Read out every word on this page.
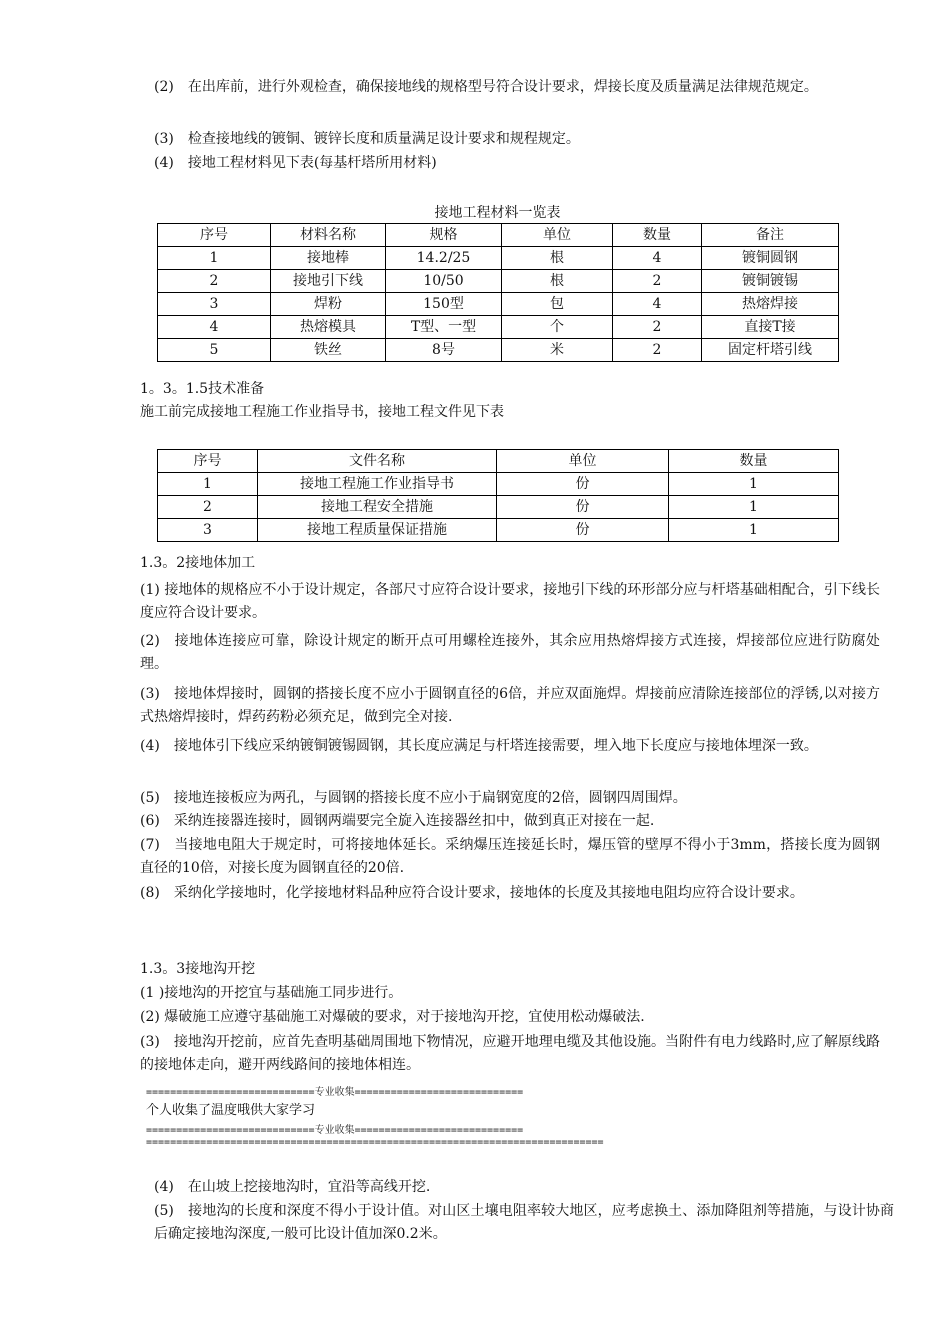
(2)　在出库前，进行外观检查，确保接地线的规格型号符合设计要求，焊接长度及质量满足法律规范规定。
(3)　检查接地线的镀铜、镀锌长度和质量满足设计要求和规程规定。
(4)　接地工程材料见下表(每基杆塔所用材料)
接地工程材料一览表
序号	材料名称	规格	单位	数量	备注
1	接地棒	14.2/25	根	4	镀铜圆钢
2	接地引下线	10/50	根	2	镀铜镀锡
3	焊粉	150型	包	4	热熔焊接
4	热熔模具	T型、一型	个	2	直接T接
5	铁丝	8号	米	2	固定杆塔引线
1。3。1.5技术准备
施工前完成接地工程施工作业指导书，接地工程文件见下表
序号	文件名称	单位	数量
1	接地工程施工作业指导书	份	1
2	接地工程安全措施	份	1
3	接地工程质量保证措施	份	1
1.3。2接地体加工
(1) 接地体的规格应不小于设计规定，各部尺寸应符合设计要求，接地引下线的环形部分应与杆塔基础相配合，引下线长度应符合设计要求。
(2)　接地体连接应可靠，除设计规定的断开点可用螺栓连接外，其余应用热熔焊接方式连接，焊接部位应进行防腐处理。
(3)　接地体焊接时，圆钢的搭接长度不应小于圆钢直径的6倍，并应双面施焊。焊接前应清除连接部位的浮锈,以对接方式热熔焊接时，焊药药粉必须充足，做到完全对接.
(4)　接地体引下线应采纳镀铜镀锡圆钢，其长度应满足与杆塔连接需要，埋入地下长度应与接地体埋深一致。
(5)　接地连接板应为两孔，与圆钢的搭接长度不应小于扁钢宽度的2倍，圆钢四周围焊。
(6)　采纳连接器连接时，圆钢两端要完全旋入连接器丝扣中，做到真正对接在一起.
(7)　当接地电阻大于规定时，可将接地体延长。采纳爆压连接延长时，爆压管的壁厚不得小于3mm，搭接长度为圆钢直径的10倍，对接长度为圆钢直径的20倍.
(8)　采纳化学接地时，化学接地材料品种应符合设计要求，接地体的长度及其接地电阻均应符合设计要求。
1.3。3接地沟开挖
(1 )接地沟的开挖宜与基础施工同步进行。
(2) 爆破施工应遵守基础施工对爆破的要求，对于接地沟开挖，宜使用松动爆破法.
(3)　接地沟开挖前，应首先查明基础周围地下物情况，应避开地理电缆及其他设施。当附件有电力线路时,应了解原线路的接地体走向，避开两线路间的接地体相连。
============================专业收集============================
个人收集了温度哦供大家学习
============================专业收集============================
============================================================================
(4)　在山坡上挖接地沟时，宜沿等高线开挖.
(5)　接地沟的长度和深度不得小于设计值。对山区土壤电阻率较大地区，应考虑换土、添加降阻剂等措施，与设计协商后确定接地沟深度,一般可比设计值加深0.2米。
